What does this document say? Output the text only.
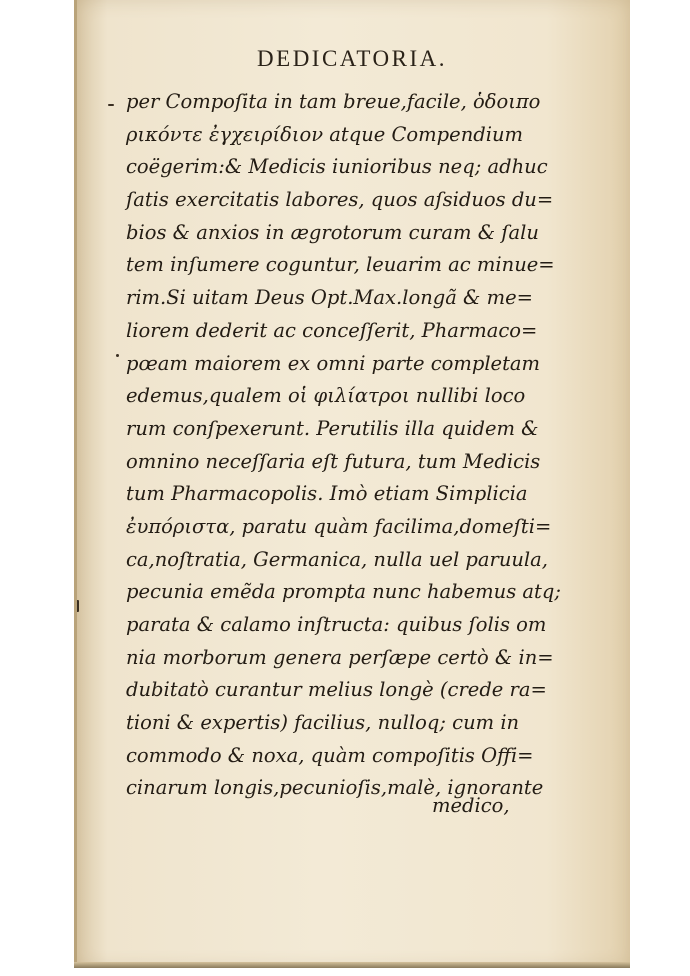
DEDICATORIA.
per Compoſita in tam breue,facile, ὁδοιπο
ρικόντε ἐγχειρίδιον atque Compendium
coëgerim:& Medicis iunioribus neq; adhuc
ſatis exercitatis labores, quos aſsiduos du=
bios & anxios in ægrotorum curam & ſalu
tem inſumere coguntur, leuarim ac minue=
rim.Si uitam Deus Opt.Max.longã & me=
liorem dederit ac conceſſerit, Pharmaco=
pœam maiorem ex omni parte completam
edemus,qualem οἱ φιλίατροι nullibi loco
rum conſpexerunt. Perutilis illa quidem &
omnino neceſſaria eſt futura, tum Medicis
tum Pharmacopolis. Imò etiam Simplicia
ἐυπόριστα, paratu quàm facilima,domeſti=
ca,noſtratia, Germanica, nulla uel paruula,
pecunia emẽda prompta nunc habemus atq;
parata & calamo inſtructa: quibus ſolis om
nia morborum genera perſæpe certò & in=
dubitatò curantur melius longè (crede ra=
tioni & expertis) facilius, nulloq; cum in
commodo & noxa, quàm compoſitis Offi=
cinarum longis,pecunioſis,malè, ignorante
medico,
